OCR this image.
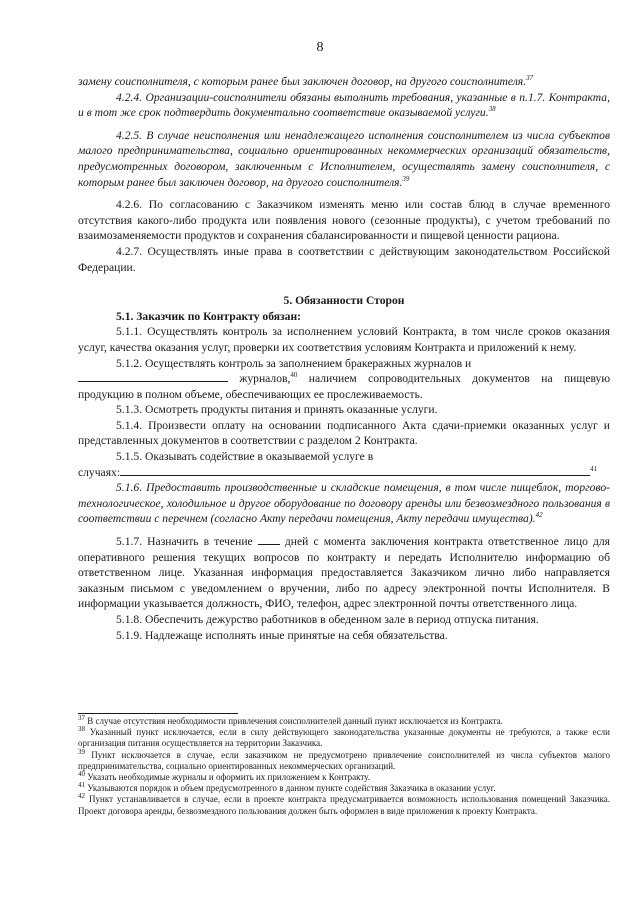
8

замену соисполнителя, с которым ранее был заключен договор, на другого соисполнителя.$^{37}$

4.2.4. Организации-соисполнители обязаны выполнить требования, указанные в п.1.7. Контракта, и в тот же срок подтвердить документально соответствие оказываемой услуги.$^{38}$

4.2.5. В случае неисполнения или ненадлежащего исполнения соисполнителем из числа субъектов малого предпринимательства, социально ориентированных некоммерческих организаций обязательств, предусмотренных договором, заключенным с Исполнителем, осуществлять замену соисполнителя, с которым ранее был заключен договор, на другого соисполнителя.$^{39}$

4.2.6. По согласованию с Заказчиком изменять меню или состав блюд в случае временного отсутствия какого-либо продукта или появления нового (сезонные продукты), с учетом требований по взаимозаменяемости продуктов и сохранения сбалансированности и пищевой ценности рациона.

4.2.7. Осуществлять иные права в соответствии с действующим законодательством Российской Федерации.

5. Обязанности Сторон

5.1. Заказчик по Контракту обязан:

5.1.1. Осуществлять контроль за исполнением условий Контракта, в том числе сроков оказания услуг, качества оказания услуг, проверки их соответствия условиям Контракта и приложений к нему.

5.1.2. Осуществлять контроль за заполнением бракеражных журналов и
журналов,$^{40}$ наличием сопроводительных документов на пищевую продукцию в полном объеме, обеспечивающих ее прослеживаемость.

5.1.3. Осмотреть продукты питания и принять оказанные услуги.

5.1.4. Произвести оплату на основании подписанного Акта сдачи-приемки оказанных услуг и представленных документов в соответствии с разделом 2 Контракта.

5.1.5. Оказывать содействие в оказываемой услуге в
случаях:	$^{41}$

5.1.6. Предоставить производственные и складские помещения, в том числе пищеблок, торгово-технологическое, холодильное и другое оборудование по договору аренды или безвозмездного пользования в соответствии с перечнем (согласно Акту передачи помещения, Акту передачи имущества).$^{42}$

5.1.7. Назначить в течение	дней с момента заключения контракта ответственное лицо для оперативного решения текущих вопросов по контракту и передать Исполнителю информацию об ответственном лице. Указанная информация предоставляется Заказчиком лично либо направляется заказным письмом с уведомлением о вручении, либо по адресу электронной почты Исполнителя. В информации указывается должность, ФИО, телефон, адрес электронной почты ответственного лица.

5.1.8. Обеспечить дежурство работников в обеденном зале в период отпуска питания.

5.1.9. Надлежаще исполнять иные принятые на себя обязательства.

$^{37}$ В случае отсутствия необходимости привлечения соисполнителей данный пункт исключается из Контракта.

$^{38}$ Указанный пункт исключается, если в силу действующего законодательства указанные документы не требуются, а также если организация питания осуществляется на территории Заказчика.

$^{39}$ Пункт исключается в случае, если заказчиком не предусмотрено привлечение соисполнителей из числа субъектов малого предпринимательства, социально ориентированных некоммерческих организаций.

$^{40}$ Указать необходимые журналы и оформить их приложением к Контракту.

$^{41}$ Указываются порядок и объем предусмотренного в данном пункте содействия Заказчика в оказании услуг.

$^{42}$ Пункт устанавливается в случае, если в проекте контракта предусматривается возможность использования помещений Заказчика. Проект договора аренды, безвозмездного пользования должен быть оформлен в виде приложения к проекту Контракта.
